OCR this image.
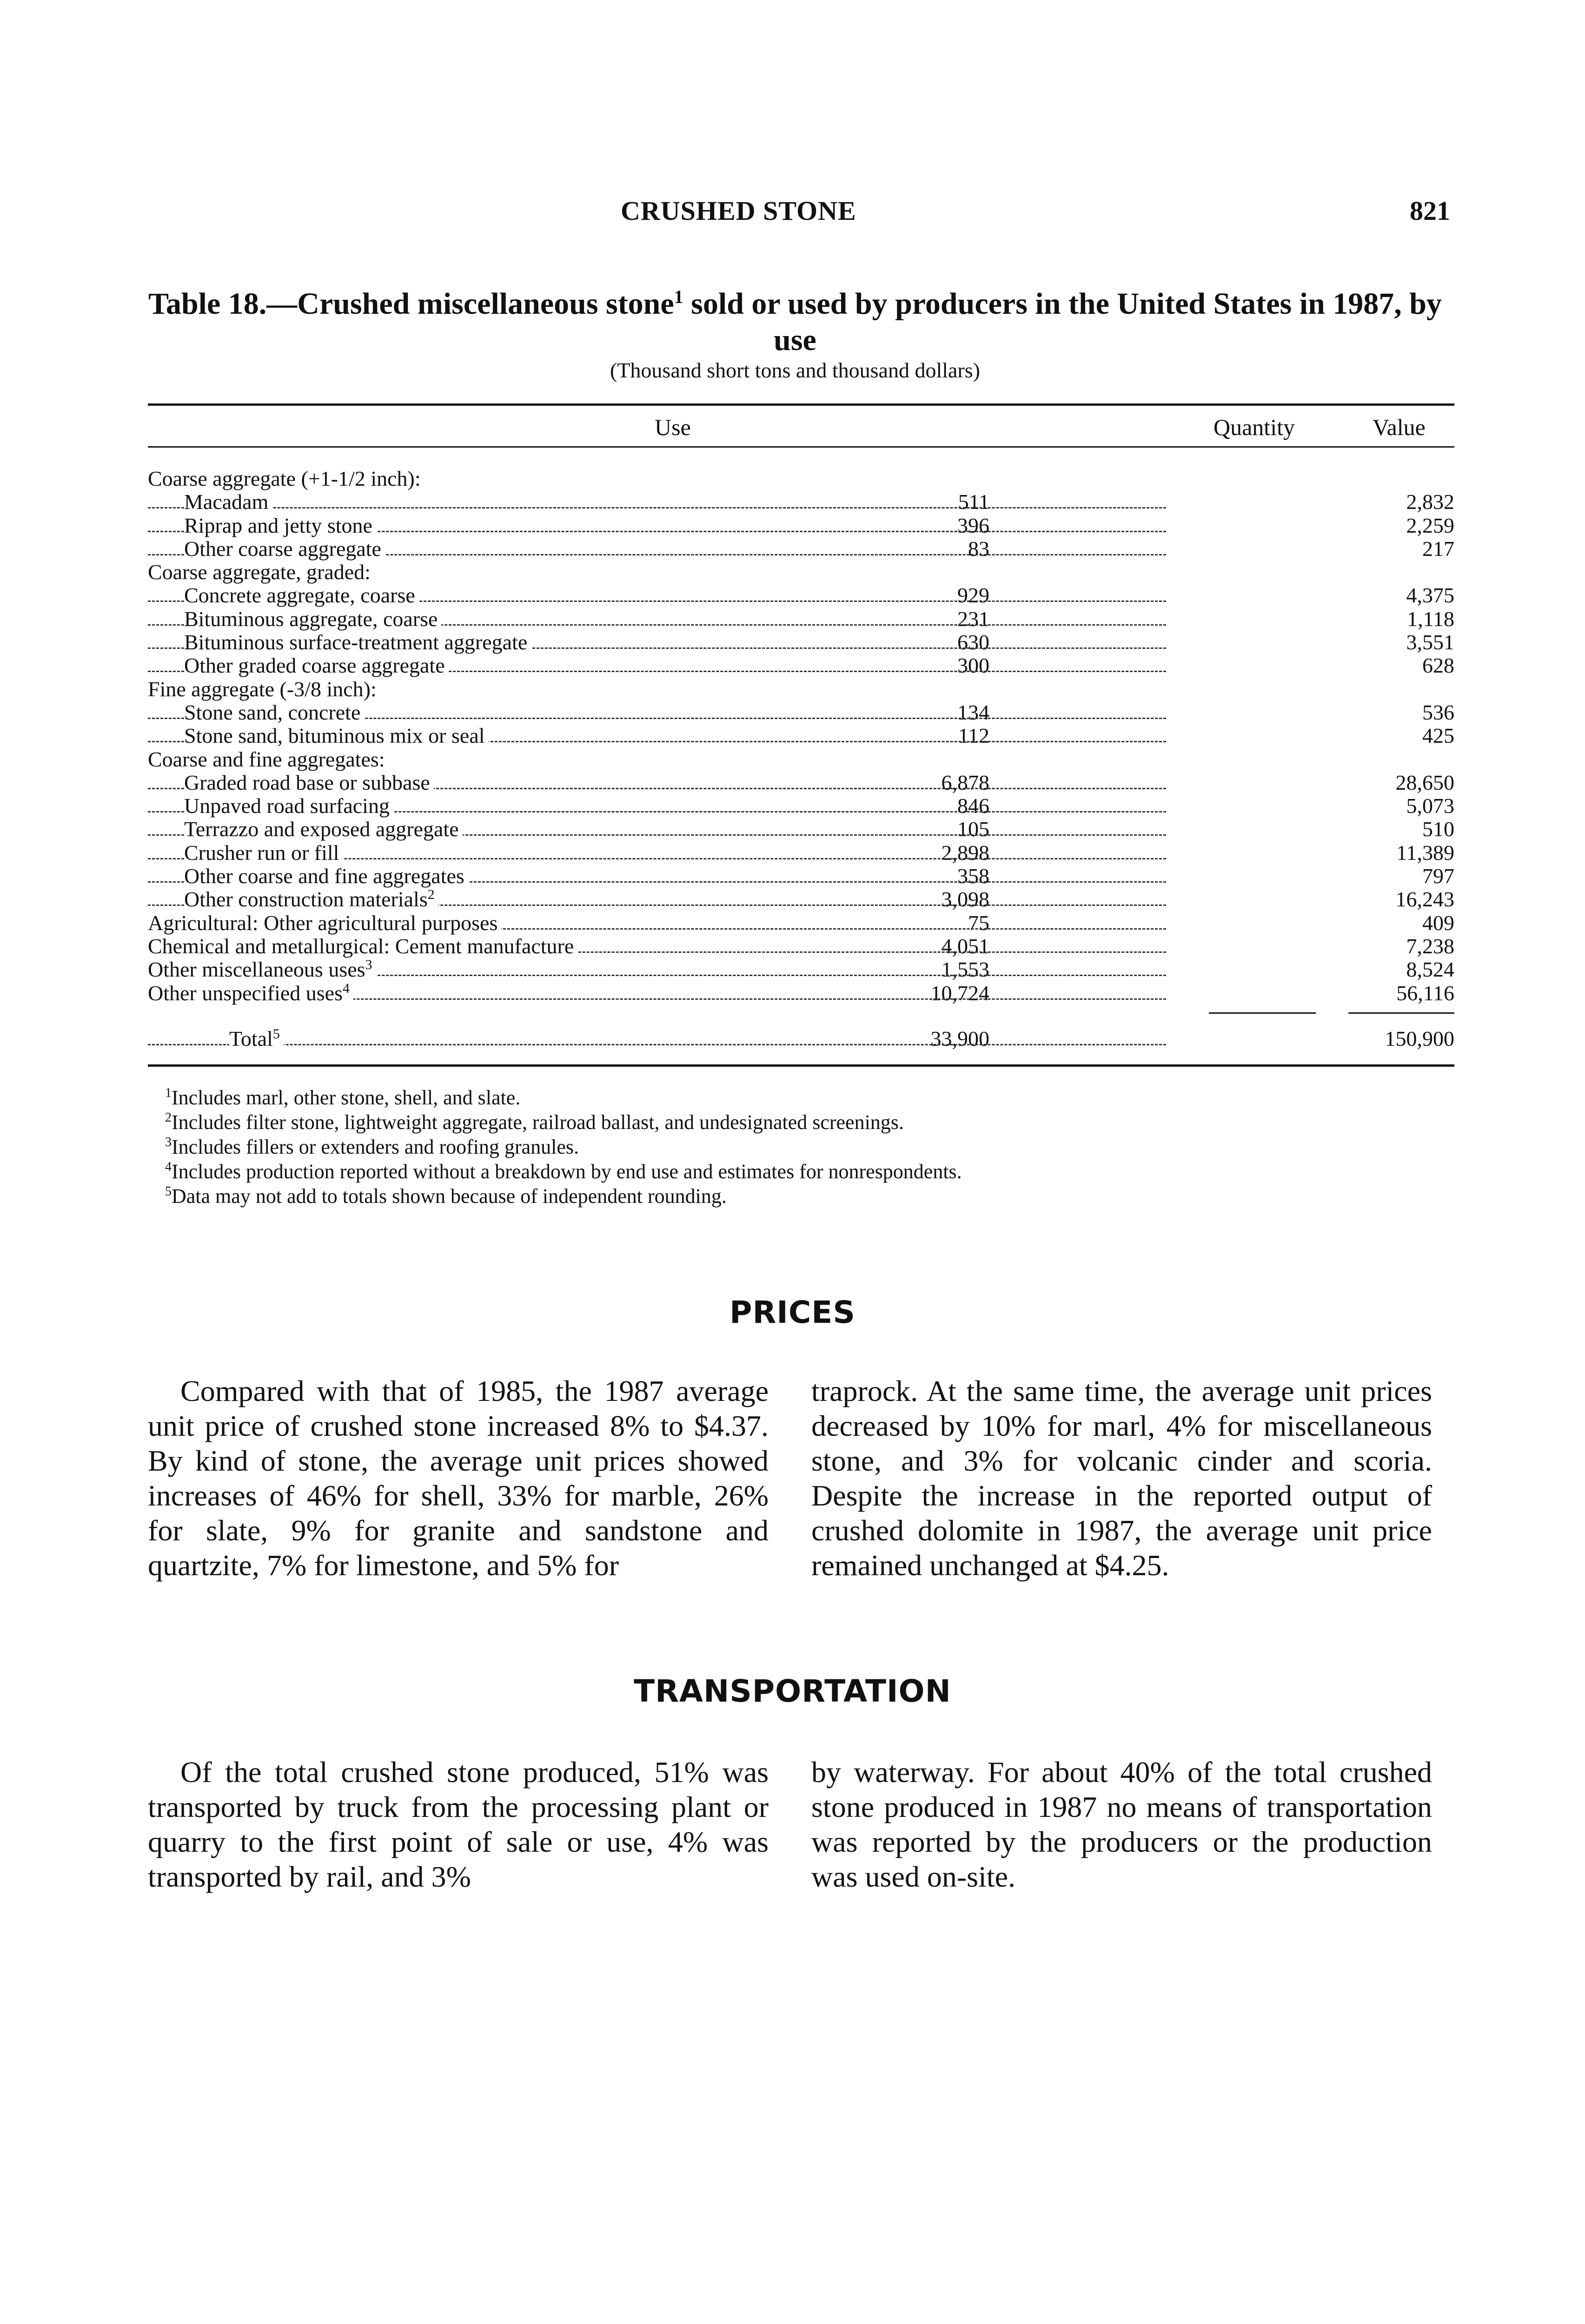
CRUSHED STONE	821
Table 18.—Crushed miscellaneous stone$^1$ sold or used by producers in the United States in 1987, by use
(Thousand short tons and thousand dollars)
Use	Quantity	Value
Coarse aggregate (+1-1/2 inch):
Macadam	511	2,832
Riprap and jetty stone	396	2,259
Other coarse aggregate	83	217
Coarse aggregate, graded:
Concrete aggregate, coarse	929	4,375
Bituminous aggregate, coarse	231	1,118
Bituminous surface-treatment aggregate	630	3,551
Other graded coarse aggregate	300	628
Fine aggregate (-3/8 inch):
Stone sand, concrete	134	536
Stone sand, bituminous mix or seal	112	425
Coarse and fine aggregates:
Graded road base or subbase	6,878	28,650
Unpaved road surfacing	846	5,073
Terrazzo and exposed aggregate	105	510
Crusher run or fill	2,898	11,389
Other coarse and fine aggregates	358	797
Other construction materials$^2$	3,098	16,243
Agricultural: Other agricultural purposes	75	409
Chemical and metallurgical: Cement manufacture	4,051	7,238
Other miscellaneous uses$^3$	1,553	8,524
Other unspecified uses$^4$	10,724	56,116
Total$^5$	33,900	150,900
$^1$Includes marl, other stone, shell, and slate.
$^2$Includes filter stone, lightweight aggregate, railroad ballast, and undesignated screenings.
$^3$Includes fillers or extenders and roofing granules.
$^4$Includes production reported without a breakdown by end use and estimates for nonrespondents.
$^5$Data may not add to totals shown because of independent rounding.
PRICES
Compared with that of 1985, the 1987 average unit price of crushed stone increased 8% to $4.37. By kind of stone, the average unit prices showed increases of 46% for shell, 33% for marble, 26% for slate, 9% for granite and sandstone and quartzite, 7% for limestone, and 5% for
traprock. At the same time, the average unit prices decreased by 10% for marl, 4% for miscellaneous stone, and 3% for volcanic cinder and scoria. Despite the increase in the reported output of crushed dolomite in 1987, the average unit price remained unchanged at $4.25.
TRANSPORTATION
Of the total crushed stone produced, 51% was transported by truck from the processing plant or quarry to the first point of sale or use, 4% was transported by rail, and 3%
by waterway. For about 40% of the total crushed stone produced in 1987 no means of transportation was reported by the producers or the production was used on-site.
